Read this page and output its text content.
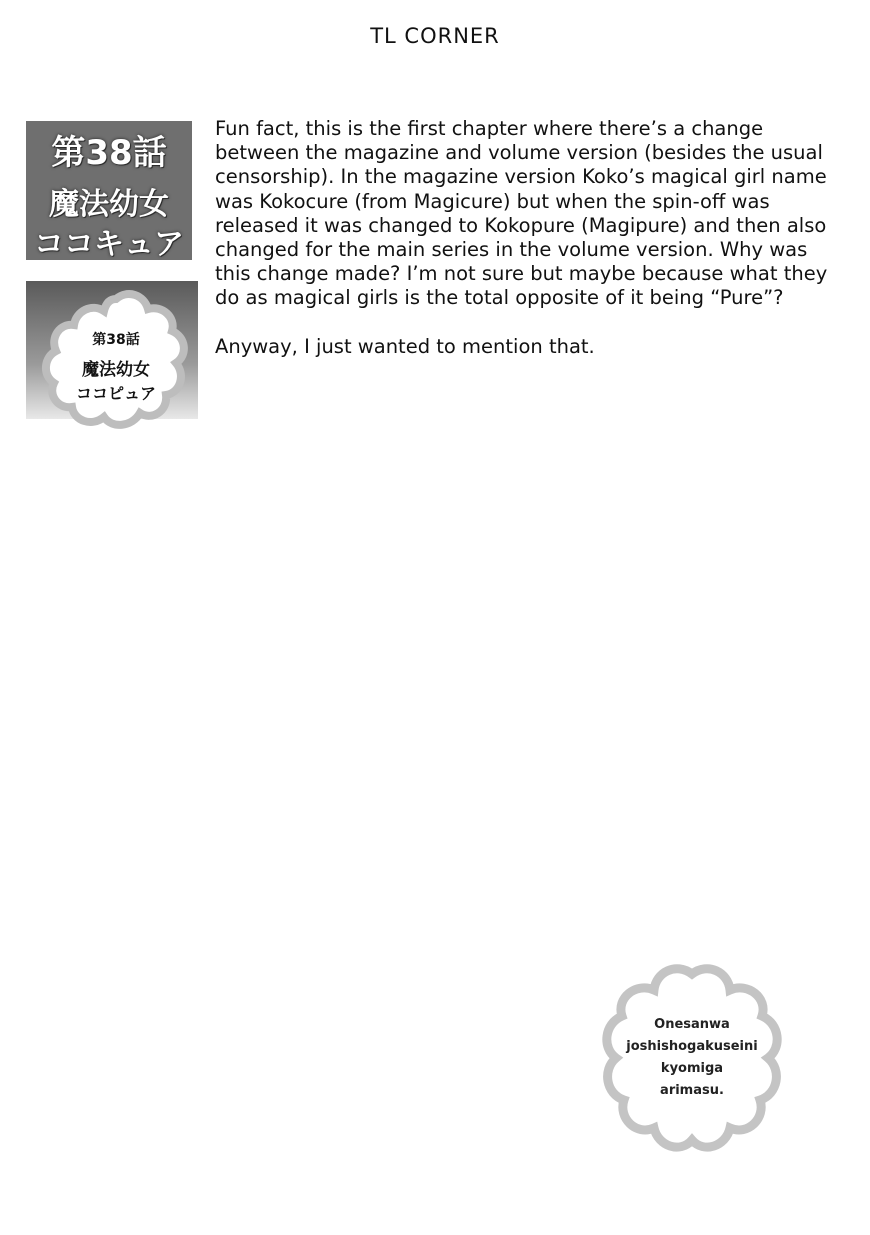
TL CORNER
第38話
魔法幼女
ココキュア
第38話
魔法幼女
ココピュア

Fun fact, this is the first chapter where there’s a change between the magazine and volume version (besides the usual censorship). In the magazine version Koko’s magical girl name was Kokocure (from Magicure) but when the spin-off was released it was changed to Kokopure (Magipure) and then also changed for the main series in the volume version. Why was this change made? I’m not sure but maybe because what they do as magical girls is the total opposite of it being “Pure”?

Anyway, I just wanted to mention that.

Onesanwa
joshishogakuseini
kyomiga
arimasu.
